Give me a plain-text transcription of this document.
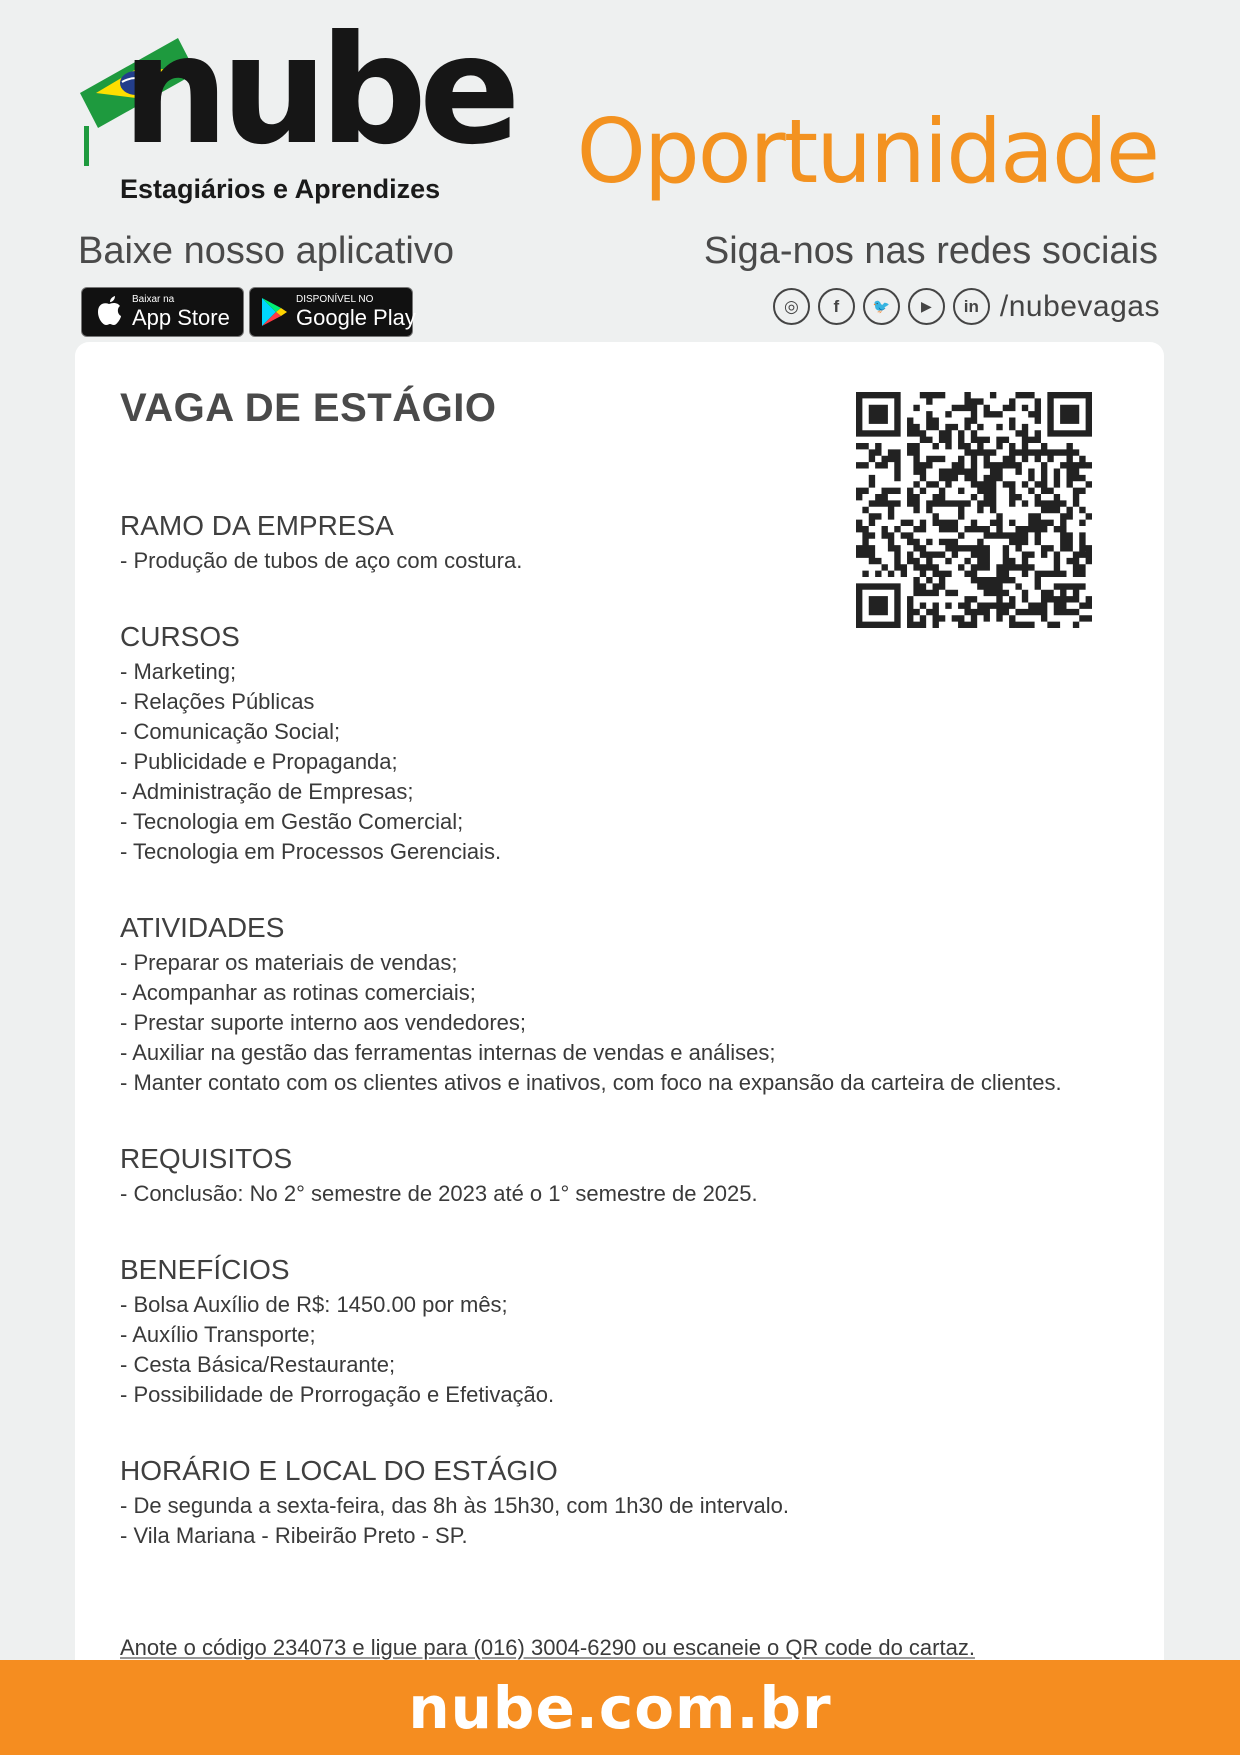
nube
Estagiários e Aprendizes Oportunidade
Baixe nosso aplicativo	Siga-nos nas redes sociais
Baixar na
App Store
DISPONÍVEL NO
Google Play	◎	f	🐦	▶	in /nubevagas
VAGA DE ESTÁGIO
RAMO DA EMPRESA

- Produção de tubos de aço com costura.

CURSOS

- Marketing;

- Relações Públicas

- Comunicação Social;

- Publicidade e Propaganda;

- Administração de Empresas;

- Tecnologia em Gestão Comercial;

- Tecnologia em Processos Gerenciais.

ATIVIDADES

- Preparar os materiais de vendas;

- Acompanhar as rotinas comerciais;

- Prestar suporte interno aos vendedores;

- Auxiliar na gestão das ferramentas internas de vendas e análises;

- Manter contato com os clientes ativos e inativos, com foco na expansão da carteira de clientes.

REQUISITOS

- Conclusão: No 2° semestre de 2023 até o 1° semestre de 2025.

BENEFÍCIOS

- Bolsa Auxílio de R$: 1450.00 por mês;

- Auxílio Transporte;

- Cesta Básica/Restaurante;

- Possibilidade de Prorrogação e Efetivação.

HORÁRIO E LOCAL DO ESTÁGIO

- De segunda a sexta-feira, das 8h às 15h30, com 1h30 de intervalo.

- Vila Mariana - Ribeirão Preto - SP.

Anote o código 234073 e ligue para (016) 3004-6290 ou escaneie o QR code do cartaz.
nube.com.br
